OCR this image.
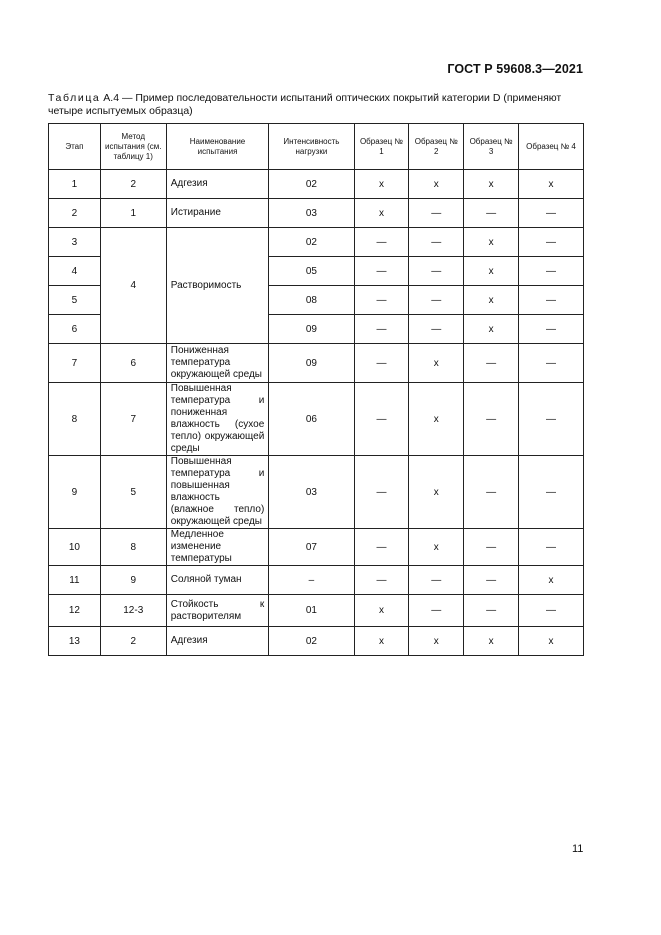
ГОСТ Р 59608.3—2021
Таблица А.4 — Пример последовательности испытаний оптических покрытий категории D (применяют четыре испытуемых образца)
Этап	Метод испытания (см. таблицу 1)	Наименование испытания	Интенсивность нагрузки	Образец № 1	Образец № 2	Образец № 3	Образец № 4
1	2	Адгезия	02	x	x	x	x
2	1	Истирание	03	x	—	—	—
3	4	Растворимость	02	—	—	x	—
4			05	—	—	x	—
5			08	—	—	x	—
6			09	—	—	x	—
7	6	Пониженная температура окружающей среды	09	—	x	—	—
8	7	Повышенная температура и пониженная влажность (сухое тепло) окружающей среды	06	—	x	—	—
9	5	Повышенная температура и повышенная влажность (влажное тепло) окружающей среды	03	—	x	—	—
10	8	Медленное изменение температуры	07	—	x	—	—
11	9	Соляной туман	–	—	—	—	x
12	12-3	Стойкость к растворителям	01	x	—	—	—
13	2	Адгезия	02	x	x	x	x
11
